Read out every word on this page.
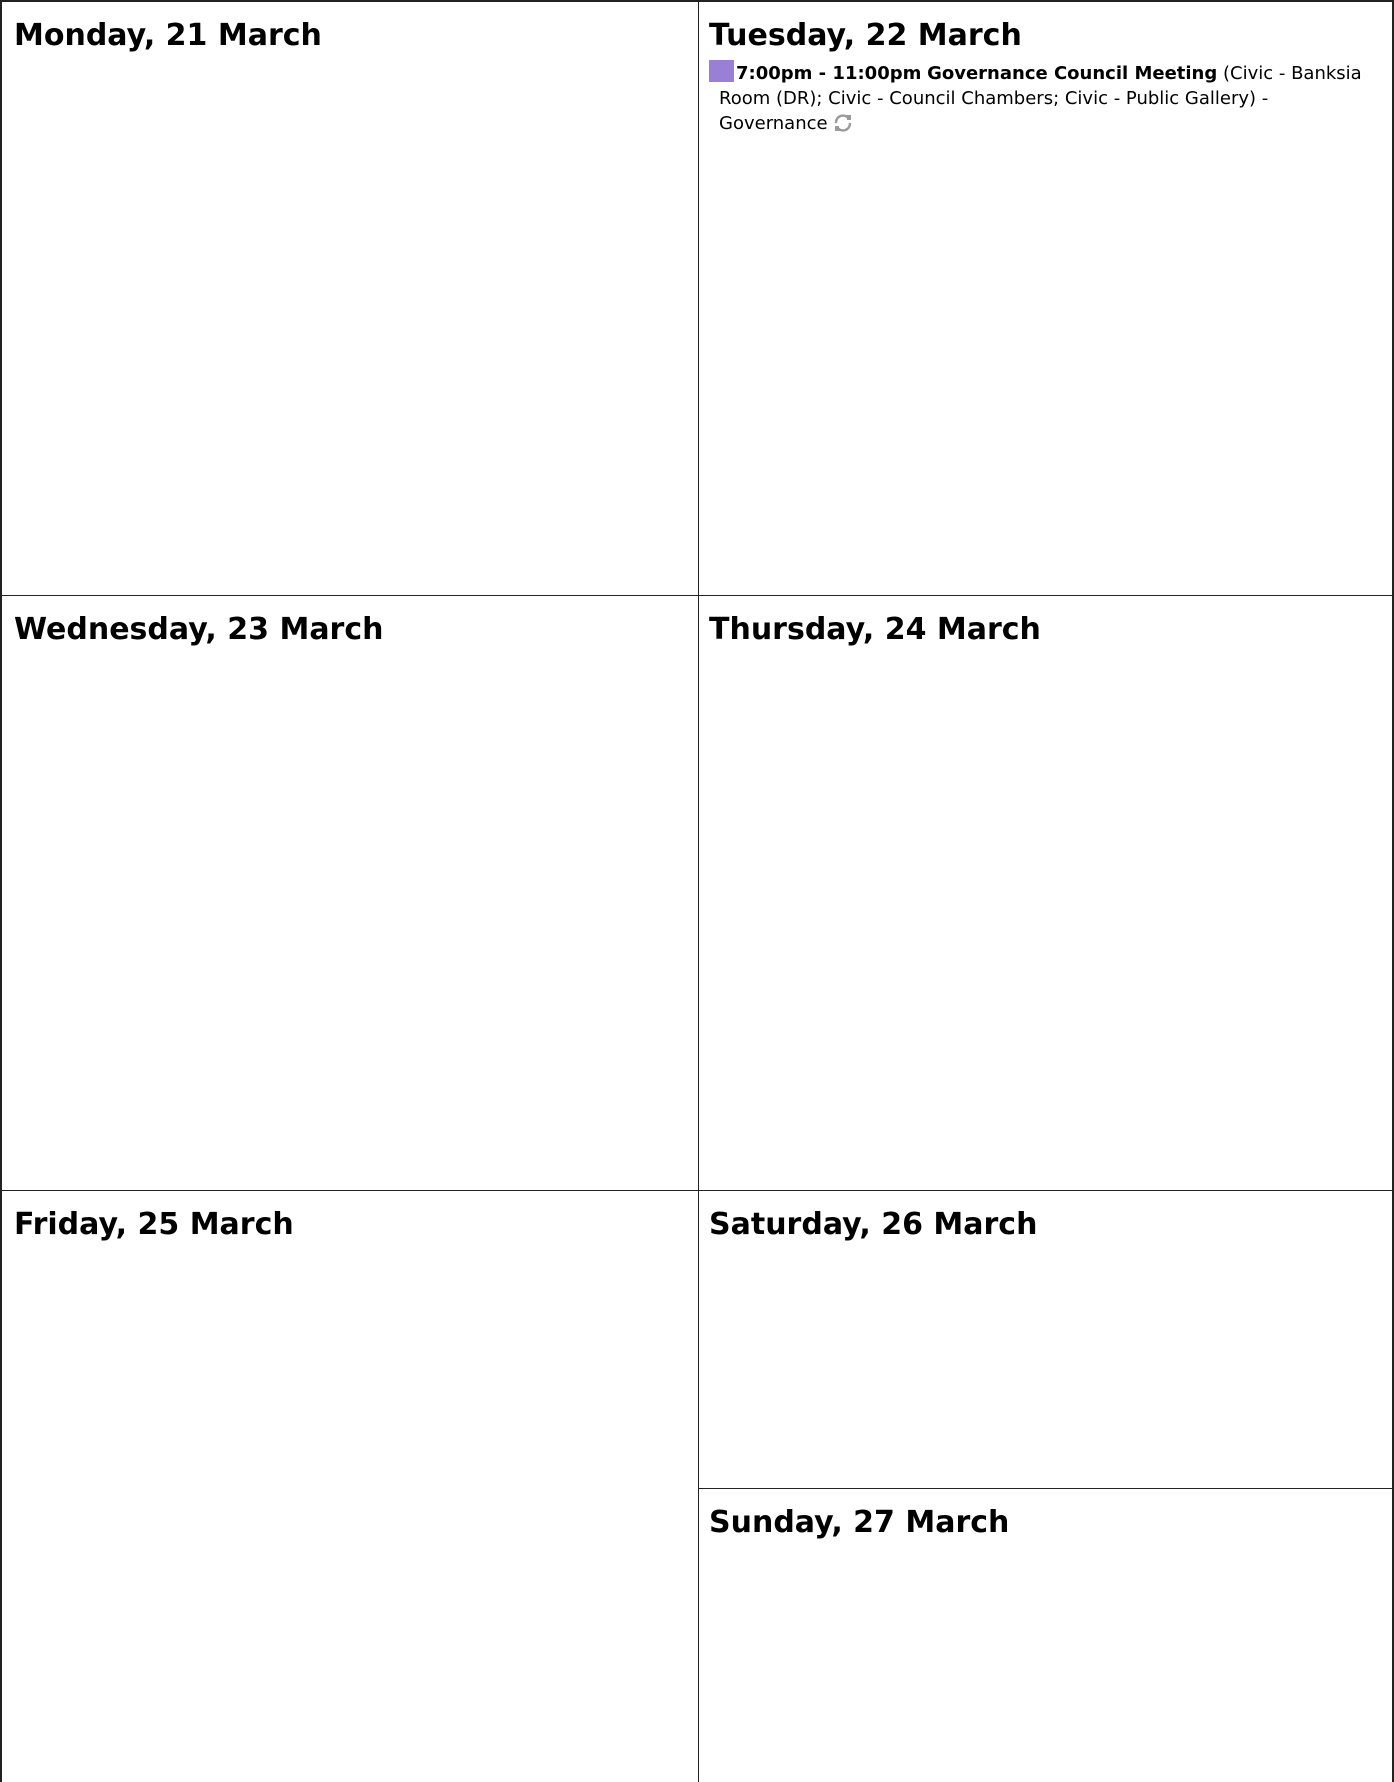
Monday, 21 March	Tuesday, 22 March
7:00pm - 11:00pm Governance Council Meeting (Civic - Banksia
Room (DR); Civic - Council Chambers; Civic - Public Gallery) -
Governance
Wednesday, 23 March	Thursday, 24 March
Friday, 25 March	Saturday, 26 March
Sunday, 27 March
